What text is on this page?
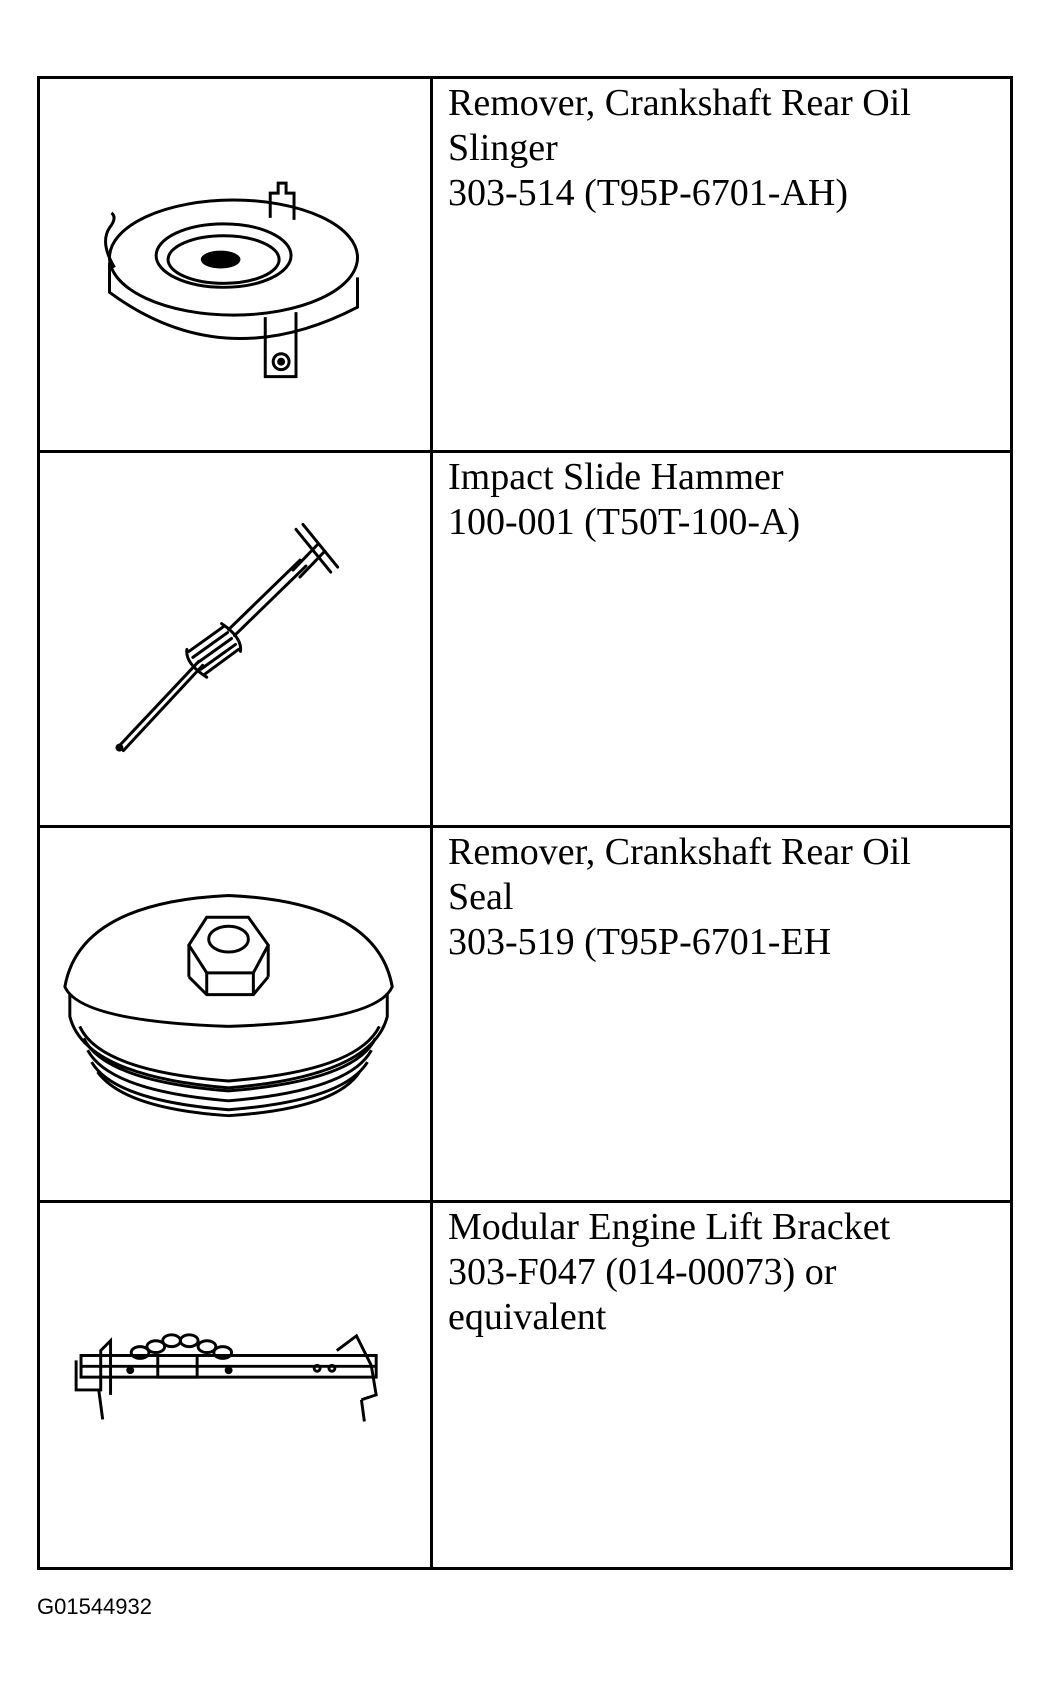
Remover, Crankshaft Rear Oil
Slinger
303-514 (T95P-6701-AH)
Impact Slide Hammer
100-001 (T50T-100-A)
Remover, Crankshaft Rear Oil
Seal
303-519 (T95P-6701-EH
Modular Engine Lift Bracket
303-F047 (014-00073) or
equivalent
G01544932
